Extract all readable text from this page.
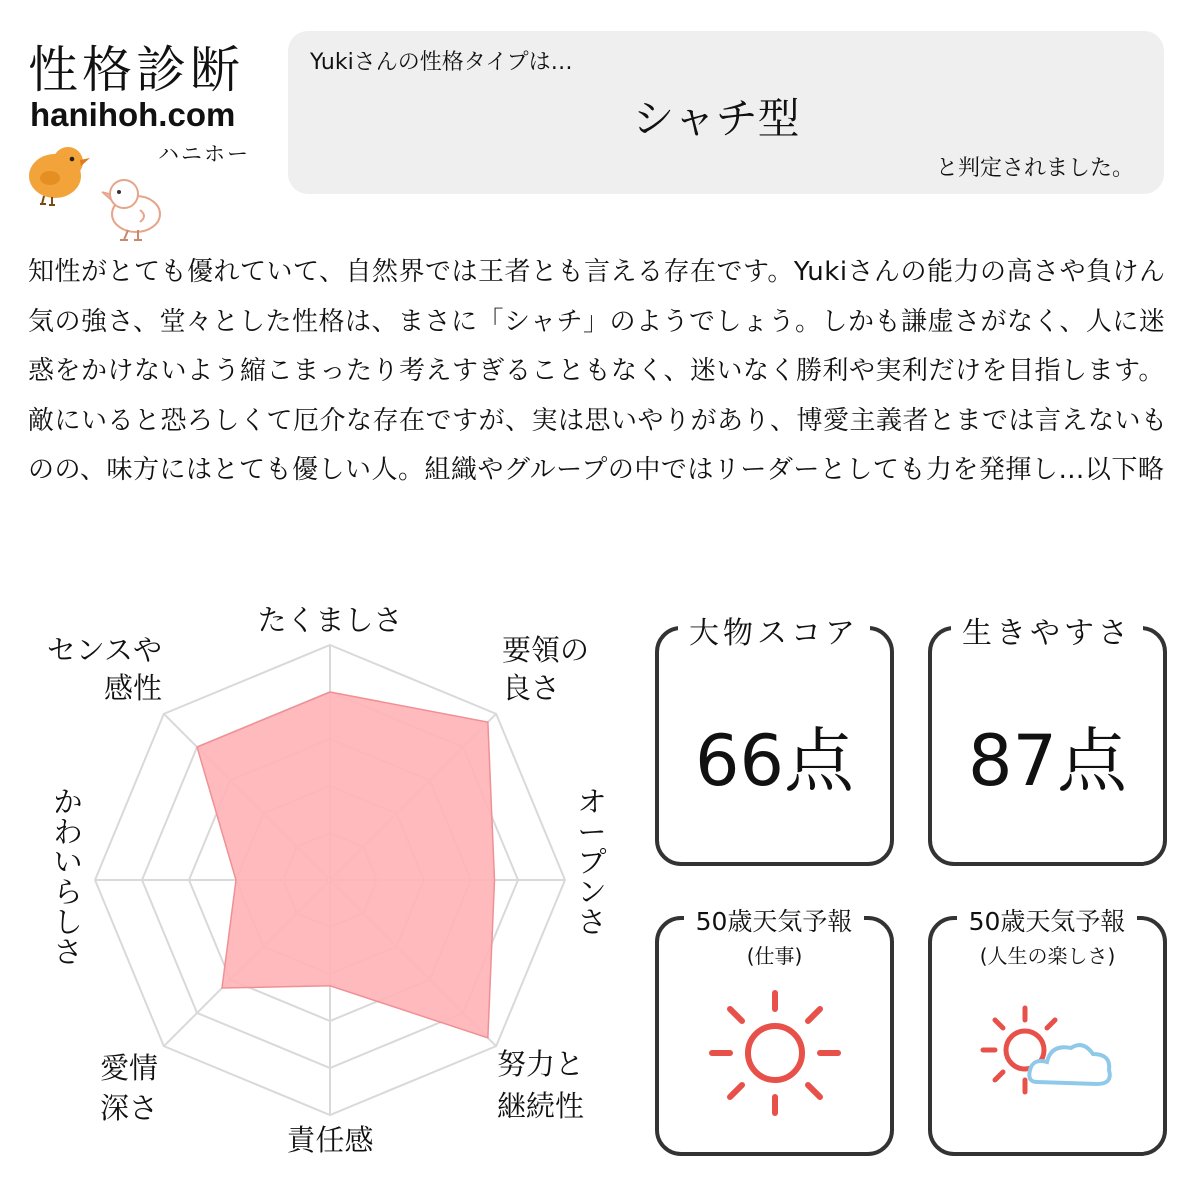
性格診断
hanihoh.com
ハニホー
Yukiさんの性格タイプは…
シャチ型
と判定されました。

知性がとても優れていて、自然界では王者とも言える存在です。Yukiさんの能力の高さや負けん気の強さ、堂々とした性格は、まさに「シャチ」のようでしょう。しかも謙虚さがなく、人に迷惑をかけないよう縮こまったり考えすぎることもなく、迷いなく勝利や実利だけを目指します。

敵にいると恐ろしくて厄介な存在ですが、実は思いやりがあり、博愛主義者とまでは言えないものの、味方にはとても優しい人。組織やグループの中ではリーダーとしても力を発揮し…以下略

たくましさ
要領の
良さ
オープンさ
努力と
継続性
責任感
愛情
深さ
かわいらしさ
センスや
感性
大物スコア	生きやすさ
50歳天気予報	50歳天気予報
(仕事)	(人生の楽しさ)
66点	87点
